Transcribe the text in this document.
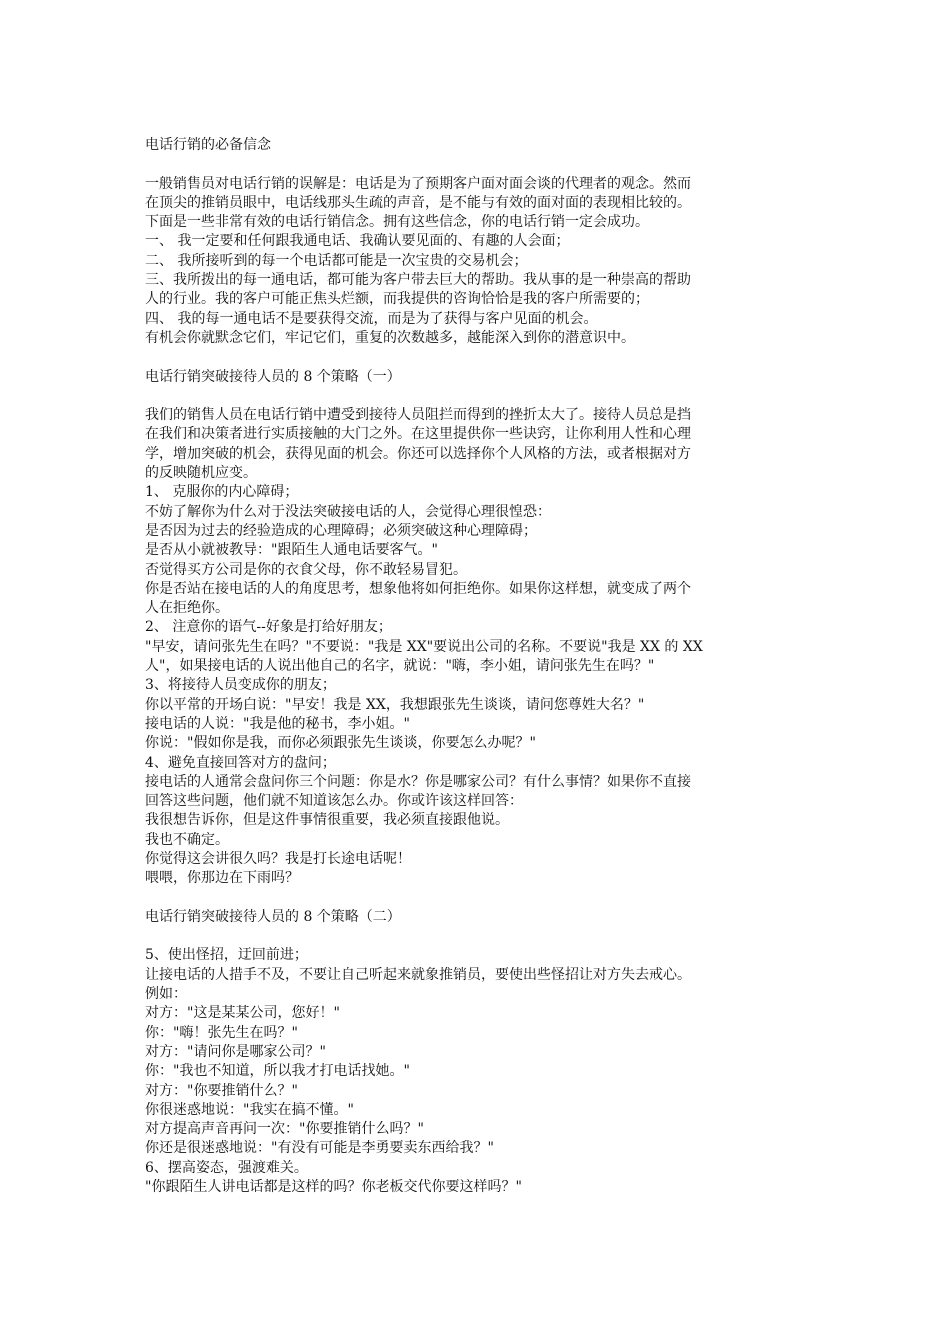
电话行销的必备信念
一般销售员对电话行销的误解是：电话是为了预期客户面对面会谈的代理者的观念。然而
在顶尖的推销员眼中，电话线那头生疏的声音，是不能与有效的面对面的表现相比较的。
下面是一些非常有效的电话行销信念。拥有这些信念，你的电话行销一定会成功。
一、 我一定要和任何跟我通电话、我确认要见面的、有趣的人会面；
二、 我所接听到的每一个电话都可能是一次宝贵的交易机会；
三、我所拨出的每一通电话，都可能为客户带去巨大的帮助。我从事的是一种崇高的帮助
人的行业。我的客户可能正焦头烂额，而我提供的咨询恰恰是我的客户所需要的；
四、 我的每一通电话不是要获得交流，而是为了获得与客户见面的机会。
有机会你就默念它们，牢记它们，重复的次数越多，越能深入到你的潜意识中。
电话行销突破接待人员的 8 个策略（一）
我们的销售人员在电话行销中遭受到接待人员阻拦而得到的挫折太大了。接待人员总是挡
在我们和决策者进行实质接触的大门之外。在这里提供你一些诀窍，让你利用人性和心理
学，增加突破的机会，获得见面的机会。你还可以选择你个人风格的方法，或者根据对方
的反映随机应变。
1、 克服你的内心障碍；
不妨了解你为什么对于没法突破接电话的人，会觉得心理很惶恐：
是否因为过去的经验造成的心理障碍；必须突破这种心理障碍；
是否从小就被教导："跟陌生人通电话要客气。"
否觉得买方公司是你的衣食父母，你不敢轻易冒犯。
你是否站在接电话的人的角度思考，想象他将如何拒绝你。如果你这样想，就变成了两个
人在拒绝你。
2、 注意你的语气--好象是打给好朋友；
"早安，请问张先生在吗？"不要说："我是 XX"要说出公司的名称。不要说"我是 XX 的 XX
人"，如果接电话的人说出他自己的名字，就说："嗨，李小姐，请问张先生在吗？"
3、将接待人员变成你的朋友；
你以平常的开场白说："早安！我是 XX，我想跟张先生谈谈，请问您尊姓大名？"
接电话的人说："我是他的秘书，李小姐。"
你说："假如你是我，而你必须跟张先生谈谈，你要怎么办呢？"
4、避免直接回答对方的盘问；
接电话的人通常会盘问你三个问题：你是水？你是哪家公司？有什么事情？如果你不直接
回答这些问题，他们就不知道该怎么办。你或许该这样回答：
我很想告诉你，但是这件事情很重要，我必须直接跟他说。
我也不确定。
你觉得这会讲很久吗？我是打长途电话呢！
喂喂，你那边在下雨吗？
电话行销突破接待人员的 8 个策略（二）
5、使出怪招，迂回前进；
让接电话的人措手不及，不要让自己听起来就象推销员，要使出些怪招让对方失去戒心。
例如：
对方："这是某某公司，您好！"
你："嗨！张先生在吗？"
对方："请问你是哪家公司？"
你："我也不知道，所以我才打电话找她。"
对方："你要推销什么？"
你很迷惑地说："我实在搞不懂。"
对方提高声音再问一次："你要推销什么吗？"
你还是很迷惑地说："有没有可能是李勇要卖东西给我？"
6、摆高姿态，强渡难关。
"你跟陌生人讲电话都是这样的吗？你老板交代你要这样吗？"
